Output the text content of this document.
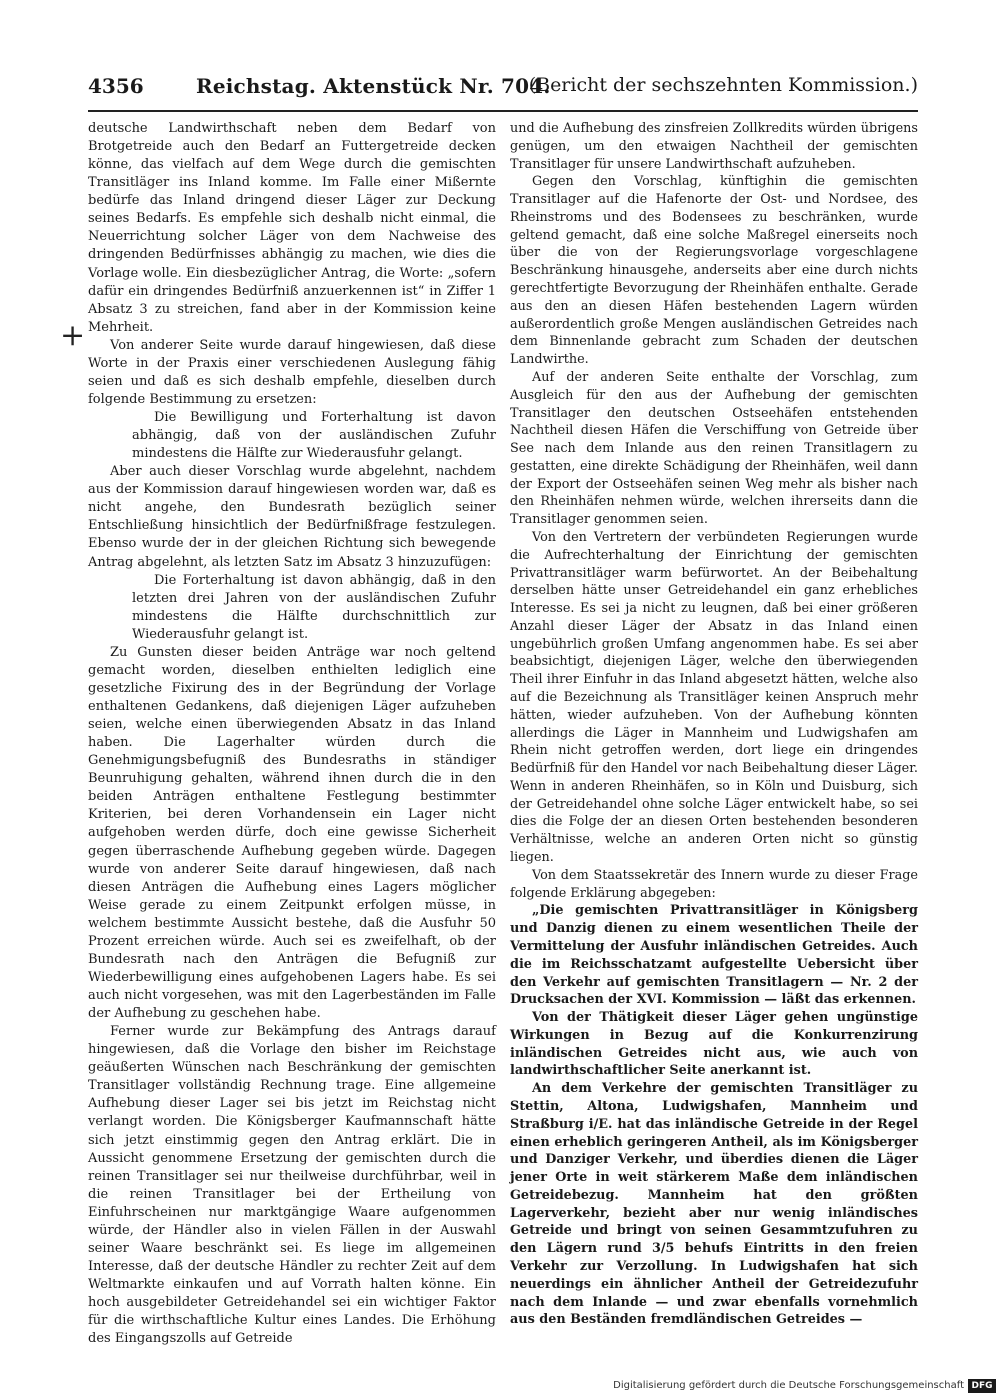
4356	Reichstag. Aktenstück Nr. 704.
(Bericht der sechszehnten Kommission.)
+

deutsche Landwirthschaft neben dem Bedarf von Brotgetreide auch den Bedarf an Futtergetreide decken könne, das vielfach auf dem Wege durch die gemischten Transitläger ins Inland komme. Im Falle einer Mißernte bedürfe das Inland dringend dieser Läger zur Deckung seines Bedarfs. Es empfehle sich deshalb nicht einmal, die Neuerrichtung solcher Läger von dem Nachweise des dringenden Bedürfnisses abhängig zu machen, wie dies die Vorlage wolle. Ein diesbezüglicher Antrag, die Worte: „sofern dafür ein dringendes Bedürfniß anzuerkennen ist“ in Ziffer 1 Absatz 3 zu streichen, fand aber in der Kommission keine Mehrheit.

Von anderer Seite wurde darauf hingewiesen, daß diese Worte in der Praxis einer verschiedenen Auslegung fähig seien und daß es sich deshalb empfehle, dieselben durch folgende Bestimmung zu ersetzen:

Die Bewilligung und Forterhaltung ist davon abhängig, daß von der ausländischen Zufuhr mindestens die Hälfte zur Wiederausfuhr gelangt.

Aber auch dieser Vorschlag wurde abgelehnt, nachdem aus der Kommission darauf hingewiesen worden war, daß es nicht angehe, den Bundesrath bezüglich seiner Entschließung hinsichtlich der Bedürfnißfrage festzulegen. Ebenso wurde der in der gleichen Richtung sich bewegende Antrag abgelehnt, als letzten Satz im Absatz 3 hinzuzufügen:

Die Forterhaltung ist davon abhängig, daß in den letzten drei Jahren von der ausländischen Zufuhr mindestens die Hälfte durchschnittlich zur Wiederausfuhr gelangt ist.

Zu Gunsten dieser beiden Anträge war noch geltend gemacht worden, dieselben enthielten lediglich eine gesetzliche Fixirung des in der Begründung der Vorlage enthaltenen Gedankens, daß diejenigen Läger aufzuheben seien, welche einen überwiegenden Absatz in das Inland haben. Die Lagerhalter würden durch die Genehmigungsbefugniß des Bundesraths in ständiger Beunruhigung gehalten, während ihnen durch die in den beiden Anträgen enthaltene Festlegung bestimmter Kriterien, bei deren Vorhandensein ein Lager nicht aufgehoben werden dürfe, doch eine gewisse Sicherheit gegen überraschende Aufhebung gegeben würde. Dagegen wurde von anderer Seite darauf hingewiesen, daß nach diesen Anträgen die Aufhebung eines Lagers möglicher Weise gerade zu einem Zeitpunkt erfolgen müsse, in welchem bestimmte Aussicht bestehe, daß die Ausfuhr 50 Prozent erreichen würde. Auch sei es zweifelhaft, ob der Bundesrath nach den Anträgen die Befugniß zur Wiederbewilligung eines aufgehobenen Lagers habe. Es sei auch nicht vorgesehen, was mit den Lagerbeständen im Falle der Aufhebung zu geschehen habe.

Ferner wurde zur Bekämpfung des Antrags darauf hingewiesen, daß die Vorlage den bisher im Reichstage geäußerten Wünschen nach Beschränkung der gemischten Transitlager vollständig Rechnung trage. Eine allgemeine Aufhebung dieser Lager sei bis jetzt im Reichstag nicht verlangt worden. Die Königsberger Kaufmannschaft hätte sich jetzt einstimmig gegen den Antrag erklärt. Die in Aussicht genommene Ersetzung der gemischten durch die reinen Transitlager sei nur theilweise durchführbar, weil in die reinen Transitlager bei der Ertheilung von Einfuhrscheinen nur marktgängige Waare aufgenommen würde, der Händler also in vielen Fällen in der Auswahl seiner Waare beschränkt sei. Es liege im allgemeinen Interesse, daß der deutsche Händler zu rechter Zeit auf dem Weltmarkte einkaufen und auf Vorrath halten könne. Ein hoch ausgebildeter Getreidehandel sei ein wichtiger Faktor für die wirthschaftliche Kultur eines Landes. Die Erhöhung des Eingangszolls auf Getreide

und die Aufhebung des zinsfreien Zollkredits würden übrigens genügen, um den etwaigen Nachtheil der gemischten Transitlager für unsere Landwirthschaft aufzuheben.

Gegen den Vorschlag, künftighin die gemischten Transitlager auf die Hafenorte der Ost- und Nordsee, des Rheinstroms und des Bodensees zu beschränken, wurde geltend gemacht, daß eine solche Maßregel einerseits noch über die von der Regierungsvorlage vorgeschlagene Beschränkung hinausgehe, anderseits aber eine durch nichts gerechtfertigte Bevorzugung der Rheinhäfen enthalte. Gerade aus den an diesen Häfen bestehenden Lagern würden außerordentlich große Mengen ausländischen Getreides nach dem Binnenlande gebracht zum Schaden der deutschen Landwirthe.

Auf der anderen Seite enthalte der Vorschlag, zum Ausgleich für den aus der Aufhebung der gemischten Transitlager den deutschen Ostseehäfen entstehenden Nachtheil diesen Häfen die Verschiffung von Getreide über See nach dem Inlande aus den reinen Transitlagern zu gestatten, eine direkte Schädigung der Rheinhäfen, weil dann der Export der Ostseehäfen seinen Weg mehr als bisher nach den Rheinhäfen nehmen würde, welchen ihrerseits dann die Transitlager genommen seien.

Von den Vertretern der verbündeten Regierungen wurde die Aufrechterhaltung der Einrichtung der gemischten Privattransitläger warm befürwortet. An der Beibehaltung derselben hätte unser Getreidehandel ein ganz erhebliches Interesse. Es sei ja nicht zu leugnen, daß bei einer größeren Anzahl dieser Läger der Absatz in das Inland einen ungebührlich großen Umfang angenommen habe. Es sei aber beabsichtigt, diejenigen Läger, welche den überwiegenden Theil ihrer Einfuhr in das Inland abgesetzt hätten, welche also auf die Bezeichnung als Transitläger keinen Anspruch mehr hätten, wieder aufzuheben. Von der Aufhebung könnten allerdings die Läger in Mannheim und Ludwigshafen am Rhein nicht getroffen werden, dort liege ein dringendes Bedürfniß für den Handel vor nach Beibehaltung dieser Läger. Wenn in anderen Rheinhäfen, so in Köln und Duisburg, sich der Getreidehandel ohne solche Läger entwickelt habe, so sei dies die Folge der an diesen Orten bestehenden besonderen Verhältnisse, welche an anderen Orten nicht so günstig liegen.

Von dem Staatssekretär des Innern wurde zu dieser Frage folgende Erklärung abgegeben:

„Die gemischten Privattransitläger in Königsberg und Danzig dienen zu einem wesentlichen Theile der Vermittelung der Ausfuhr inländischen Getreides. Auch die im Reichsschatzamt aufgestellte Uebersicht über den Verkehr auf gemischten Transitlagern — Nr. 2 der Drucksachen der XVI. Kommission — läßt das erkennen.

Von der Thätigkeit dieser Läger gehen ungünstige Wirkungen in Bezug auf die Konkurrenzirung inländischen Getreides nicht aus, wie auch von landwirthschaftlicher Seite anerkannt ist.

An dem Verkehre der gemischten Transitläger zu Stettin, Altona, Ludwigshafen, Mannheim und Straßburg i/E. hat das inländische Getreide in der Regel einen erheblich geringeren Antheil, als im Königsberger und Danziger Verkehr, und überdies dienen die Läger jener Orte in weit stärkerem Maße dem inländischen Getreidebezug. Mannheim hat den größten Lagerverkehr, bezieht aber nur wenig inländisches Getreide und bringt von seinen Gesammtzufuhren zu den Lägern rund 3/5 behufs Eintritts in den freien Verkehr zur Verzollung. In Ludwigshafen hat sich neuerdings ein ähnlicher Antheil der Getreidezufuhr nach dem Inlande — und zwar ebenfalls vornehmlich aus den Beständen fremdländischen Getreides —

Digitalisierung gefördert durch die Deutsche Forschungsgemeinschaft DFG
